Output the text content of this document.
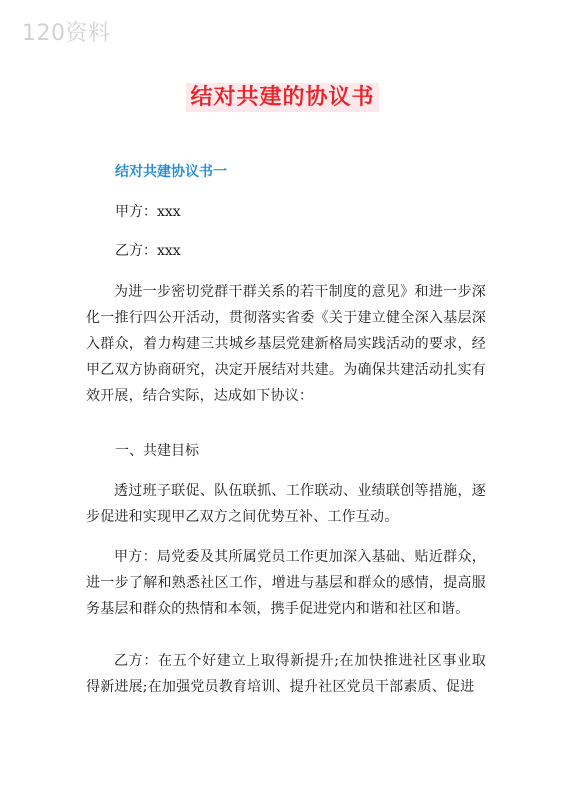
120资料
结对共建的协议书
结对共建协议书一
甲方：xxx
乙方：xxx
为进一步密切党群干群关系的若干制度的意见》和进一步深化一推行四公开活动，贯彻落实省委《关于建立健全深入基层深入群众，着力构建三共城乡基层党建新格局实践活动的要求，经甲乙双方协商研究，决定开展结对共建。为确保共建活动扎实有效开展，结合实际，达成如下协议：
一、共建目标
透过班子联促、队伍联抓、工作联动、业绩联创等措施，逐步促进和实现甲乙双方之间优势互补、工作互动。
甲方：局党委及其所属党员工作更加深入基础、贴近群众，进一步了解和熟悉社区工作，增进与基层和群众的感情，提高服务基层和群众的热情和本领，携手促进党内和谐和社区和谐。
乙方：在五个好建立上取得新提升;在加快推进社区事业取得新进展;在加强党员教育培训、提升社区党员干部素质、促进
